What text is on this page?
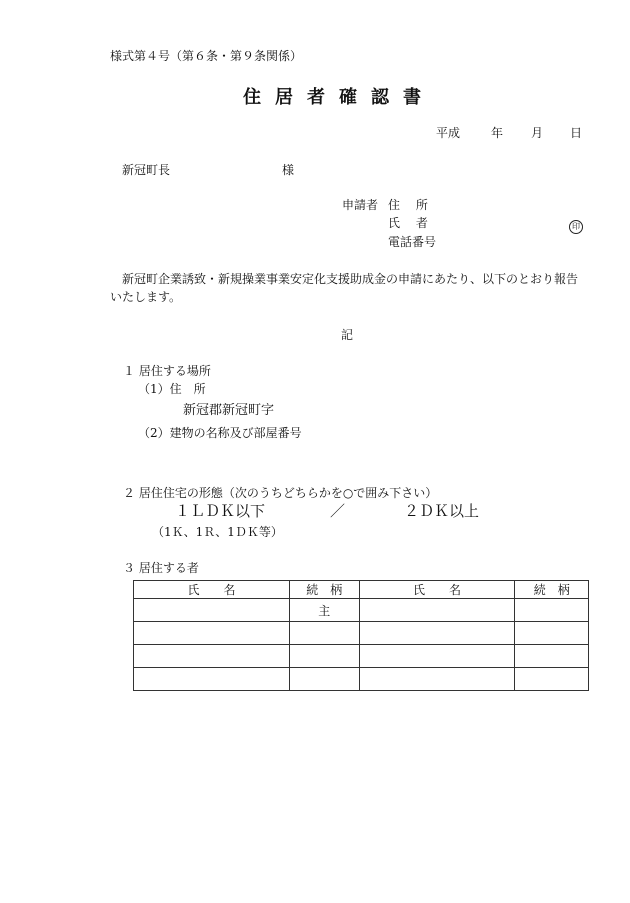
様式第４号（第６条・第９条関係）
住居者確認書
平成	年 月 日
新冠町長	様
申請者 住　 所
氏　 者	印
電話番号
新冠町企業誘致・新規操業事業安定化支援助成金の申請にあたり、以下のとおり報告
いたします。
記
１ 居住する場所
（1）住　所
新冠郡新冠町字
（2）建物の名称及び部屋番号
２ 居住住宅の形態（次のうちどちらかを○で囲み下さい）
１ＬＤＫ以下	／	２ＤＫ以上
（1Ｋ、1Ｒ、1ＤＫ等）
３ 居住する者
氏　　名	続　柄	氏　　名	続　柄
	主		
